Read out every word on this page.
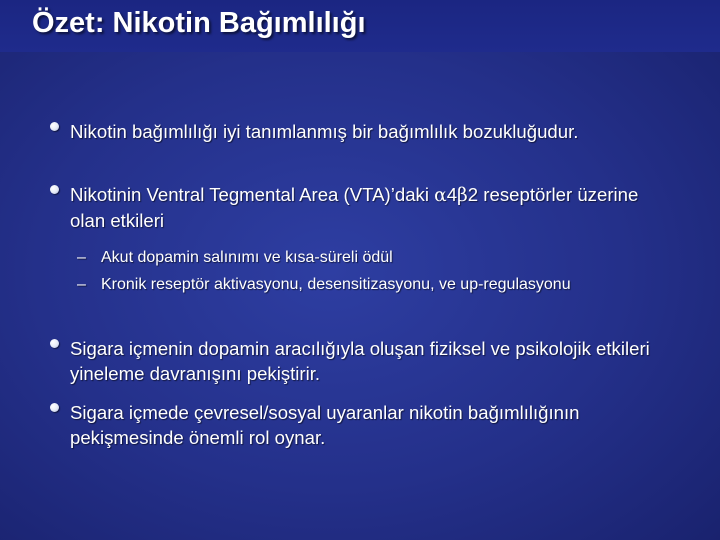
Özet: Nikotin Bağımlılığı

Nikotin bağımlılığı iyi tanımlanmış bir bağımlılık bozukluğudur.

Nikotinin Ventral Tegmental Area (VTA)’daki α4β2 reseptörler üzerine olan etkileri

– Akut dopamin salınımı ve kısa-süreli ödül

– Kronik reseptör aktivasyonu, desensitizasyonu, ve up-regulasyonu

Sigara içmenin dopamin aracılığıyla oluşan fiziksel ve psikolojik etkileri yineleme davranışını pekiştirir.

Sigara içmede çevresel/sosyal uyaranlar nikotin bağımlılığının pekişmesinde önemli rol oynar.
